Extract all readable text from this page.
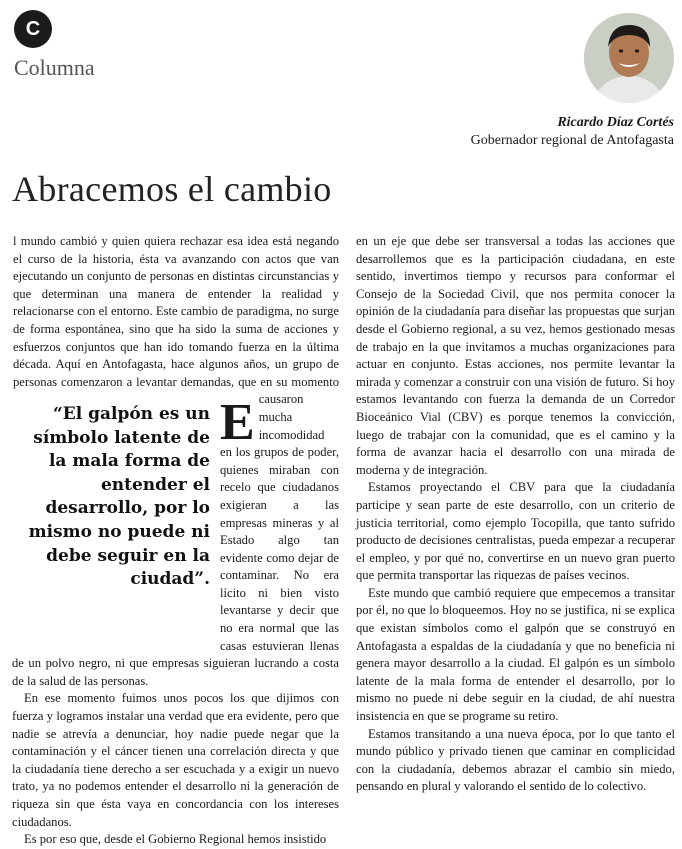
C
Columna
Ricardo Díaz Cortés
Gobernador regional de Antofagasta
Abracemos el cambio
“El galpón es un símbolo latente de la mala forma de entender el desarrollo, por lo mismo no puede ni debe seguir en la ciudad”.

E
l mundo cambió y quien quiera rechazar esa idea está negando el curso de la historia, ésta va avanzando con actos que van ejecutando un conjunto de personas en distintas circunstancias y que determinan una manera de entender la realidad y relacionarse con el entorno. Este cambio de paradigma, no surge de forma espontánea, sino que ha sido la suma de acciones y esfuerzos conjuntos que han ido tomando fuerza en la última década. Aquí en Antofagasta, hace algunos años, un grupo de personas comenzaron a levantar demandas, que en su momento causaron mucha incomodidad en los grupos de poder, quienes miraban con recelo que ciudadanos exigieran a las empresas mineras y al Estado algo tan evidente como dejar de contaminar. No era lícito ni bien visto levantarse y decir que no era normal que las casas estuvieran llenas de un polvo negro, ni que empresas siguieran lucrando a costa de la salud de las personas.

En ese momento fuimos unos pocos los que dijimos con fuerza y logramos instalar una verdad que era evidente, pero que nadie se atrevía a denunciar, hoy nadie puede negar que la contaminación y el cáncer tienen una correlación directa y que la ciudadanía tiene derecho a ser escuchada y a exigir un nuevo trato, ya no podemos entender el desarrollo ni la generación de riqueza sin que ésta vaya en concordancia con los intereses ciudadanos.

Es por eso que, desde el Gobierno Regional hemos insistido

en un eje que debe ser transversal a todas las acciones que desarrollemos que es la participación ciudadana, en este sentido, invertimos tiempo y recursos para conformar el Consejo de la Sociedad Civil, que nos permita conocer la opinión de la ciudadanía para diseñar las propuestas que surjan desde el Gobierno regional, a su vez, hemos gestionado mesas de trabajo en la que invitamos a muchas organizaciones para actuar en conjunto. Estas acciones, nos permite levantar la mirada y comenzar a construir con una visión de futuro. Si hoy estamos levantando con fuerza la demanda de un Corredor Bioceánico Vial (CBV) es porque tenemos la convicción, luego de trabajar con la comunidad, que es el camino y la forma de avanzar hacia el desarrollo con una mirada de moderna y de integración.

Estamos proyectando el CBV para que la ciudadanía participe y sean parte de este desarrollo, con un criterio de justicia territorial, como ejemplo Tocopilla, que tanto sufrido producto de decisiones centralistas, pueda empezar a recuperar el empleo, y por qué no, convertirse en un nuevo gran puerto que permita transportar las riquezas de países vecinos.

Este mundo que cambió requiere que empecemos a transitar por él, no que lo bloqueemos. Hoy no se justifica, ni se explica que existan símbolos como el galpón que se construyó en Antofagasta a espaldas de la ciudadanía y que no beneficia ni genera mayor desarrollo a la ciudad. El galpón es un símbolo latente de la mala forma de entender el desarrollo, por lo mismo no puede ni debe seguir en la ciudad, de ahí nuestra insistencia en que se programe su retiro.

Estamos transitando a una nueva época, por lo que tanto el mundo público y privado tienen que caminar en complicidad con la ciudadanía, debemos abrazar el cambio sin miedo, pensando en plural y valorando el sentido de lo colectivo.
